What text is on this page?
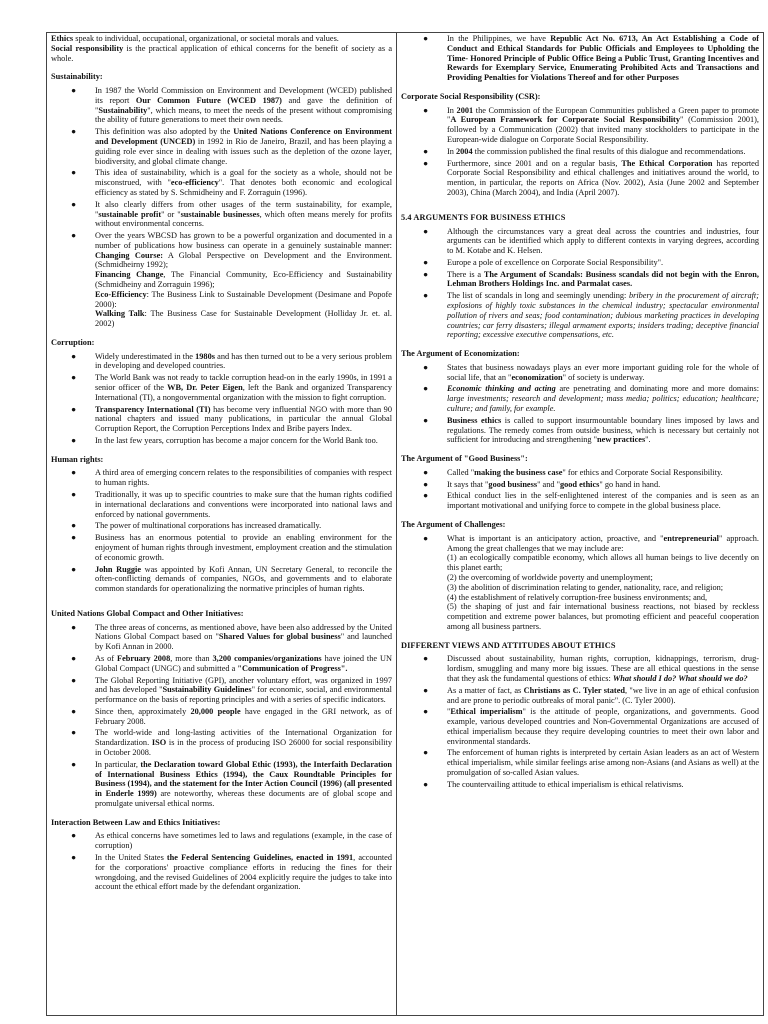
Ethics speak to individual, occupational, organizational, or societal morals and values.

Social responsibility is the practical application of ethical concerns for the benefit of society as a whole.

Sustainability:
● In 1987 the World Commission on Environment and Development (WCED) published its report Our Common Future (WCED 1987) and gave the definition of "Sustainability", which means, to meet the needs of the present without compromising the ability of future generations to meet their own needs.
● This definition was also adopted by the United Nations Conference on Environment and Development (UNCED) in 1992 in Rio de Janeiro, Brazil, and has been playing a guiding role ever since in dealing with issues such as the depletion of the ozone layer, biodiversity, and global climate change.
● This idea of sustainability, which is a goal for the society as a whole, should not be misconstrued, with "eco-efficiency". That denotes both economic and ecological efficiency as stated by S. Schmidheiny and F. Zorraguin (1996).
● It also clearly differs from other usages of the term sustainability, for example, "sustainable profit" or "sustainable businesses, which often means merely for profits without environmental concerns.
● Over the years WBCSD has grown to be a powerful organization and documented in a number of publications how business can operate in a genuinely sustainable manner: Changing Course: A Global Perspective on Development and the Environment. (Schmidheirny 1992);
Financing Change, The Financial Community, Eco-Efficiency and Sustainability (Schmidheiny and Zorraguin 1996);
Eco-Efficiency: The Business Link to Sustainable Development (Desimane and Popofe 2000):
Walking Talk: The Business Case for Sustainable Development (Holliday Jr. et. al. 2002)
Corruption:
● Widely underestimated in the 1980s and has then turned out to be a very serious problem in developing and developed countries.
● The World Bank was not ready to tackle corruption head-on in the early 1990s, in 1991 a senior officer of the WB, Dr. Peter Eigen, left the Bank and organized Transparency International (TI), a nongovernmental organization with the mission to fight corruption.
● Transparency International (TI) has become very influential NGO with more than 90 national chapters and issued many publications, in particular the annual Global Corruption Report, the Corruption Perceptions Index and Bribe payers Index.
● In the last few years, corruption has become a major concern for the World Bank too.
Human rights:
● A third area of emerging concern relates to the responsibilities of companies with respect to human rights.
● Traditionally, it was up to specific countries to make sure that the human rights codified in international declarations and conventions were incorporated into national laws and enforced by national governments.
● The power of multinational corporations has increased dramatically.
● Business has an enormous potential to provide an enabling environment for the enjoyment of human rights through investment, employment creation and the stimulation of economic growth.
● John Ruggie was appointed by Kofi Annan, UN Secretary General, to reconcile the often-conflicting demands of companies, NGOs, and governments and to elaborate common standards for operationalizing the normative principles of human rights.
United Nations Global Compact and Other Initiatives:
● The three areas of concerns, as mentioned above, have been also addressed by the United Nations Global Compact based on "Shared Values for global business" and launched by Kofi Annan in 2000.
● As of February 2008, more than 3,200 companies/organizations have joined the UN Global Compact (UNGC) and submitted a "Communication of Progress".
● The Global Reporting Initiative (GPI), another voluntary effort, was organized in 1997 and has developed "Sustainability Guidelines" for economic, social, and environmental performance on the basis of reporting principles and with a series of specific indicators.
● Since then, approximately 20,000 people have engaged in the GRI network, as of February 2008.
● The world-wide and long-lasting activities of the International Organization for Standardization. ISO is in the process of producing ISO 26000 for social responsibility in October 2008.
● In particular, the Declaration toward Global Ethic (1993), the Interfaith Declaration of International Business Ethics (1994), the Caux Roundtable Principles for Business (1994), and the statement for the Inter Action Council (1996) (all presented in Enderle 1999) are noteworthy, whereas these documents are of global scope and promulgate universal ethical norms.
Interaction Between Law and Ethics Initiatives:
● As ethical concerns have sometimes led to laws and regulations (example, in the case of corruption)
● In the United States the Federal Sentencing Guidelines, enacted in 1991, accounted for the corporations' proactive compliance efforts in reducing the fines for their wrongdoing, and the revised Guidelines of 2004 explicitly require the judges to take into account the ethical effort made by the defendant organization.
● In the Philippines, we have Republic Act No. 6713, An Act Establishing a Code of Conduct and Ethical Standards for Public Officials and Employees to Upholding the Time- Honored Principle of Public Office Being a Public Trust, Granting Incentives and Rewards for Exemplary Service, Enumerating Prohibited Acts and Transactions and Providing Penalties for Violations Thereof and for other Purposes
Corporate Social Responsibility (CSR):
● In 2001 the Commission of the European Communities published a Green paper to promote "A European Framework for Corporate Social Responsibility" (Commission 2001), followed by a Communication (2002) that invited many stockholders to participate in the European-wide dialogue on Corporate Social Responsibility.
● In 2004 the commission published the final results of this dialogue and recommendations.
● Furthermore, since 2001 and on a regular basis, The Ethical Corporation has reported Corporate Social Responsibility and ethical challenges and initiatives around the world, to mention, in particular, the reports on Africa (Nov. 2002), Asia (June 2002 and September 2003), China (March 2004), and India (April 2007).
5.4 ARGUMENTS FOR BUSINESS ETHICS
● Although the circumstances vary a great deal across the countries and industries, four arguments can be identified which apply to different contexts in varying degrees, according to M. Kotabe and K. Helsen.
● Europe a pole of excellence on Corporate Social Responsibility".
● There is a The Argument of Scandals: Business scandals did not begin with the Enron, Lehman Brothers Holdings Inc. and Parmalat cases.
● The list of scandals in long and seemingly unending: bribery in the procurement of aircraft; explosions of highly toxic substances in the chemical industry; spectacular environmental pollution of rivers and seas; food contamination; dubious marketing practices in developing countries; car ferry disasters; illegal armament exports; insiders trading; deceptive financial reporting; excessive executive compensations, etc.
The Argument of Economization:
● States that business nowadays plays an ever more important guiding role for the whole of social life, that an "economization" of society is underway.
● Economic thinking and acting are penetrating and dominating more and more domains: large investments; research and development; mass media; politics; education; healthcare; culture; and family, for example.
● Business ethics is called to support insurmountable boundary lines imposed by laws and regulations. The remedy comes from outside business, which is necessary but certainly not sufficient for introducing and strengthening "new practices".
The Argument of "Good Business":
● Called "making the business case" for ethics and Corporate Social Responsibility.
● It says that "good business" and "good ethics" go hand in hand.
● Ethical conduct lies in the self-enlightened interest of the companies and is seen as an important motivational and unifying force to compete in the global business place.
The Argument of Challenges:
● What is important is an anticipatory action, proactive, and "entrepreneurial" approach. Among the great challenges that we may include are:
(1) an ecologically compatible economy, which allows all human beings to live decently on this planet earth;
(2) the overcoming of worldwide poverty and unemployment;
(3) the abolition of discrimination relating to gender, nationality, race, and religion;
(4) the establishment of relatively corruption-free business environments; and,
(5) the shaping of just and fair international business reactions, not biased by reckless competition and extreme power balances, but promoting efficient and peaceful cooperation among all business partners.
DIFFERENT VIEWS AND ATTITUDES ABOUT ETHICS
● Discussed about sustainability, human rights, corruption, kidnappings, terrorism, drug-lordism, smuggling and many more big issues. These are all ethical questions in the sense that they ask the fundamental questions of ethics: What should I do? What should we do?
● As a matter of fact, as Christians as C. Tyler stated, "we live in an age of ethical confusion and are prone to periodic outbreaks of moral panic". (C. Tyler 2000).
● "Ethical imperialism" is the attitude of people, organizations, and governments. Good example, various developed countries and Non-Governmental Organizations are accused of ethical imperialism because they require developing countries to meet their own labor and environmental standards.
● The enforcement of human rights is interpreted by certain Asian leaders as an act of Western ethical imperialism, while similar feelings arise among non-Asians (and Asians as well) at the promulgation of so-called Asian values.
● The countervailing attitude to ethical imperialism is ethical relativisms.
